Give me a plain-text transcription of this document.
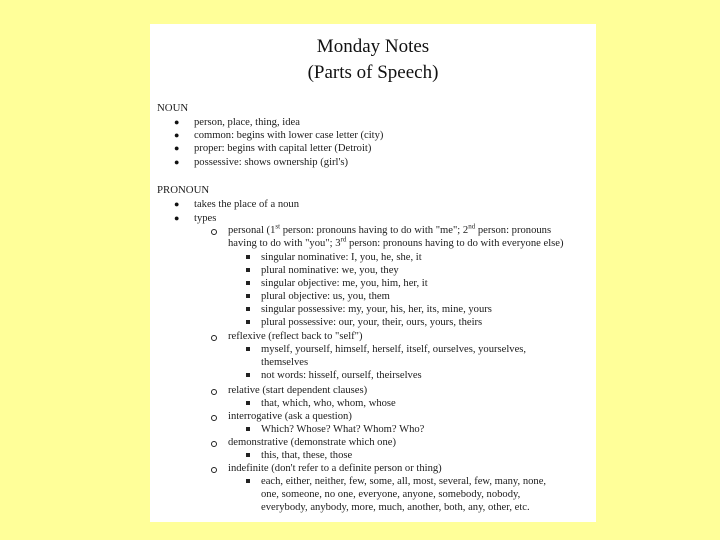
Monday Notes
(Parts of Speech)
NOUN
● person, place, thing, idea
● common: begins with lower case letter (city)
● proper: begins with capital letter (Detroit)
● possessive: shows ownership (girl's)
PRONOUN
● takes the place of a noun
● types
personal (1st person: pronouns having to do with "me"; 2nd person: pronouns
having to do with "you"; 3rd person: pronouns having to do with everyone else)
singular nominative: I, you, he, she, it
plural nominative: we, you, they
singular objective: me, you, him, her, it
plural objective: us, you, them
singular possessive: my, your, his, her, its, mine, yours
plural possessive: our, your, their, ours, yours, theirs
reflexive (reflect back to "self")
myself, yourself, himself, herself, itself, ourselves, yourselves,
themselves
not words: hisself, ourself, theirselves
relative (start dependent clauses)
that, which, who, whom, whose
interrogative (ask a question)
Which? Whose? What? Whom? Who?
demonstrative (demonstrate which one)
this, that, these, those
indefinite (don't refer to a definite person or thing)
each, either, neither, few, some, all, most, several, few, many, none,
one, someone, no one, everyone, anyone, somebody, nobody,
everybody, anybody, more, much, another, both, any, other, etc.
